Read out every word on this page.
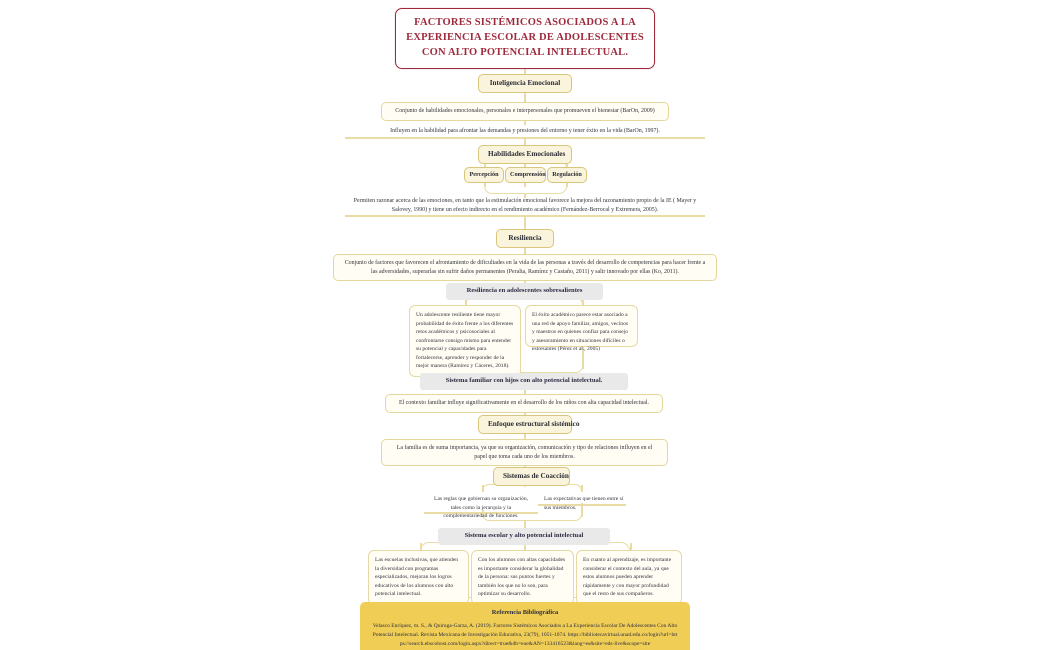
FACTORES SISTÉMICOS ASOCIADOS A LA EXPERIENCIA ESCOLAR DE ADOLESCENTES CON ALTO POTENCIAL INTELECTUAL.
Inteligencia Emocional
Conjunto de habilidades emocionales, personales e interpersonales que promueven el bienestar (BarOn, 2009)
Influyen en la habilidad para afrontar las demandas y presiones del entorno y tener éxito en la vida (BarOn, 1997).
Habilidades Emocionales
Percepción	Comprensión	Regulación
Permiten razonar acerca de las emociones, en tanto que la estimulación emocional favorece la mejora del razonamiento propio de la IE ( Mayer y Salovey, 1990) y tiene un efecto indirecto en el rendimiento académico (Fernández-Berrocal y Extremera, 2005).
Resiliencia
Conjunto de factores que favorecen el afrontamiento de dificultades en la vida de las personas a través del desarrollo de competencias para hacer frente a las adversidades, superarlas sin sufrir daños permanentes (Peralta, Ramírez y Castaño, 2011) y salir innovado por ellas (Ko, 2011).
Resiliencia en adolescentes sobresalientes
Un adolescente resiliente tiene mayor probabilidad de éxito frente a los diferentes retos académicos y psicosociales al confrontarse consigo mismo para entender su potencial y capacidades para fortalecerse, aprender y responder de la mejor manera (Ramírez y Cáceres, 2018).
El éxito académico parece estar asociado a una red de apoyo familiar, amigos, vecinos y maestros en quienes confiar para consejo y asesoramiento en situaciones difíciles o estresantes (Pérez et al., 2005)
Sistema familiar con hijos con alto potencial intelectual.
El contexto familiar influye significativamente en el desarrollo de los niños con alta capacidad intelectual.
Enfoque estructural sistémico
La familia es de suma importancia, ya que su organización, comunicación y tipo de relaciones influyen en el papel que toma cada uno de los miembros.
Sistemas de Coacción
Las reglas que gobiernan su organización, tales como la jerarquía y la complementariedad de funciones.
Las expectativas que tienen entre sí sus miembros.
Sistema escolar y alto potencial intelectual
Las escuelas inclusivas, que atienden la diversidad con programas especializados, mejoran los logros educativos de los alumnos con alto potencial intelectual.
Con los alumnos con altas capacidades es importante considerar la globalidad de la persona: sus puntos fuertes y también los que no lo son, para optimizar su desarrollo.
En cuanto al aprendizaje, es importante considerar el contexto del aula, ya que estos alumnos pueden aprender rápidamente y con mayor profundidad que el resto de sus compañeros.
Referencia Bibliográfica
Velasco Enríquez, m. S., & Quiroga-Garza, A. (2019). Factores Sistémicos Asociados a La Experiencia Escolar De Adolescentes Con Alto Potencial Intelectual. Revista Mexicana de Investigación Educativa, 23(79), 1051-1074. https://bibliotecavirtual.unad.edu.co/login?url=https://search.ebscohost.com/login.aspx?direct=true&db=eue&AN=133416523&lang=es&site=eds-live&scope=site
